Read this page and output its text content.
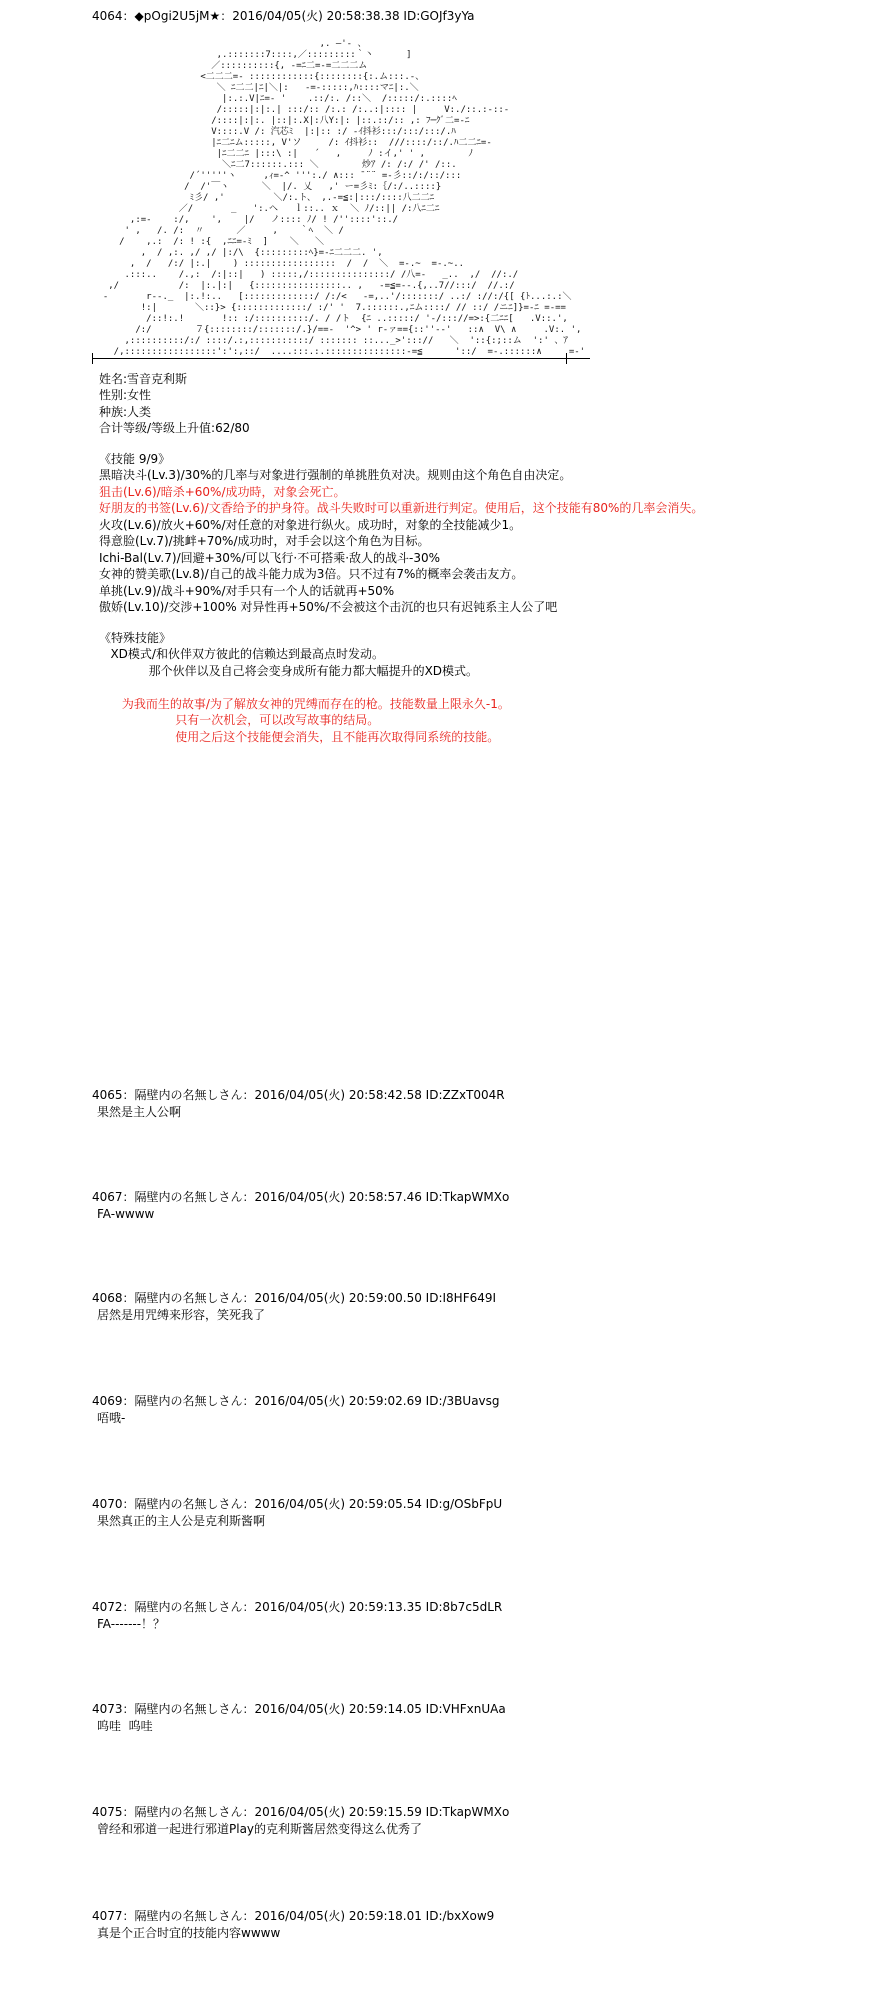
4064：◆pOgi2U5jM★：2016/04/05(火) 20:58:38.38 ID:GOJf3yYa
,. ―'‐ 、
,.:::::::7::::,／:::::::::｀丶      ]
／::::::::::{, -=ﾆ二=-=二二二ム
<二二二=- ::::::::::::{::::::::{:.ム:::.-、
＼ ﾆ二二|ﾆ|＼|:   -=-:::::,ﾊ::::マﾆ|:.＼
|:.:.V|ﾆ=- '    .::/:. /::＼  /:::::/:.::::ﾍ
/:::::|:|:.| :::/:: /:.: /:..:|:::: |     V:./::.:-::-
/::::|:|:. |::|:.X|:八Y:|: |::.::/:: ,: ﾌ─ｸﾞ二=-ﾆ
V::::.V /: 汽芯ﾐ  |:|:: :/ -ｲ抖衫:::/:::/:::/.ﾊ
|ﾆ二ﾆム:::::, V'ソ     /: ｲ抖衫::  ///::::/::/.ﾊ二二ﾆ=-
|ﾆ二二ﾆ |:::\ :|   ´   ,     ﾉ :イ,' ' ,        ﾉ
＼ﾆ二7::::::.::: ＼        炒ｱ /: /:/ /' /::.
/´'''''ヽ     ,ｨ=-^ ''':./ ∧::: ̄ ¨¨ =-彡::/:/::/:::
/  /'￣ヽ      ＼  |/. 乂   ,' ー=彡ﾐ:｛/:/..::::}
ﾐ彡/ ,'         ＼/:.ト、 ,.-=≦:|:::/::::八二二ﾆ
／/       _   ':.ヘ   ｌ::.. ｘ  ＼ ﾉ/::|| /:八ﾆ二ﾆ
,:=-    :/,    ',    |/   ノ:::: ﾉ/ ! /''::::'::./
' ,   /. /:  〃      ／     ,    ｀ﾍ  ＼ /
/    ,.:  /: ! :{  ,ﾆﾆ=-ﾐ  ]    ＼   ＼
,  / ,:. ,/ ,/ |:/\  {:::::::::ﾍ}=-ﾆ二二二. ',
,  /   /:/ |:.|    ) :::::::::::::::::  /  /  ＼  =-.~  =-.~..
.:::..    /.,:  /:|::|   ) :::::,/:::::::::::::::/ /八=-   _..  ,/  //:./
,/           /:  |:.|:|   {::::::::::::::::.. ,   -=≦=--.{,..7//:::/  //.:/
-       r--._  |:.!:..   [:::::::::::::/ /:/<   -=,..'/:::::::/ ..:/ ://:/{[ {ﾄ...:.:＼
!:|       ＼::}> {:::::::::::::/ :/' '  7.::::::.,ﾆム::::/ // ::/ /ニﾆ]}=-ﾆ =-==
/::!:.!       !:: :/::::::::::/. / /ト  {ﾆ ..:::::/ '-/::://=>:{二ﾆﾆ[   .V::.',
/:/        ７{::::::::/:::::::/.}/==-  '^> ' r-ァ=={::''--'   ::∧  V\ ∧     .V:. ',
,::::::::::/:/ ::::/.:,:::::::::::/ ::::::: ::..._>'::://   ＼  '::{:;::ム  ':' 、ｱ
/,:::::::::::::::::':':,::/  ....:::.:.:::::::::::::::-=≦      '::/  =-.::::::∧     =-'
姓名:雪音克利斯
性别:女性
种族:人类
合计等级/等级上升值:62/80
《技能 9/9》
黑暗决斗(Lv.3)/30%的几率与对象进行强制的单挑胜负对决。规则由这个角色自由决定。
狙击(Lv.6)/暗杀+60%/成功時，对象会死亡。
好朋友的书签(Lv.6)/文香给予的护身符。战斗失败时可以重新进行判定。使用后，这个技能有80%的几率会消失。
火攻(Lv.6)/放火+60%/对任意的对象进行纵火。成功时，对象的全技能减少1。
得意脸(Lv.7)/挑衅+70%/成功时，对手会以这个角色为目标。
Ichi-Bal(Lv.7)/回避+30%/可以飞行·不可搭乘·敌人的战斗-30%
女神的赞美歌(Lv.8)/自己的战斗能力成为3倍。只不过有7%的概率会袭击友方。
单挑(Lv.9)/战斗+90%/对手只有一个人的话就再+50%
傲娇(Lv.10)/交涉+100% 对异性再+50%/不会被这个击沉的也只有迟钝系主人公了吧
《特殊技能》
XD模式/和伙伴双方彼此的信赖达到最高点时发动。
那个伙伴以及自己将会变身成所有能力都大幅提升的XD模式。
为我而生的故事/为了解放女神的咒缚而存在的枪。技能数量上限永久-1。
只有一次机会，可以改写故事的结局。
使用之后这个技能便会消失，且不能再次取得同系统的技能。
4065：隔壁内の名無しさん：2016/04/05(火) 20:58:42.58 ID:ZZxT004R
果然是主人公啊
4067：隔壁内の名無しさん：2016/04/05(火) 20:58:57.46 ID:TkapWMXo
FA-wwww
4068：隔壁内の名無しさん：2016/04/05(火) 20:59:00.50 ID:I8HF649I
居然是用咒缚来形容，笑死我了
4069：隔壁内の名無しさん：2016/04/05(火) 20:59:02.69 ID:/3BUavsg
唔哦-
4070：隔壁内の名無しさん：2016/04/05(火) 20:59:05.54 ID:g/OSbFpU
果然真正的主人公是克利斯酱啊
4072：隔壁内の名無しさん：2016/04/05(火) 20:59:13.35 ID:8b7c5dLR
FA-------！？
4073：隔壁内の名無しさん：2016/04/05(火) 20:59:14.05 ID:VHFxnUAa
呜哇  呜哇
4075：隔壁内の名無しさん：2016/04/05(火) 20:59:15.59 ID:TkapWMXo
曾经和邪道一起进行邪道Play的克利斯酱居然变得这么优秀了
4077：隔壁内の名無しさん：2016/04/05(火) 20:59:18.01 ID:/bxXow9
真是个正合时宜的技能内容wwww
